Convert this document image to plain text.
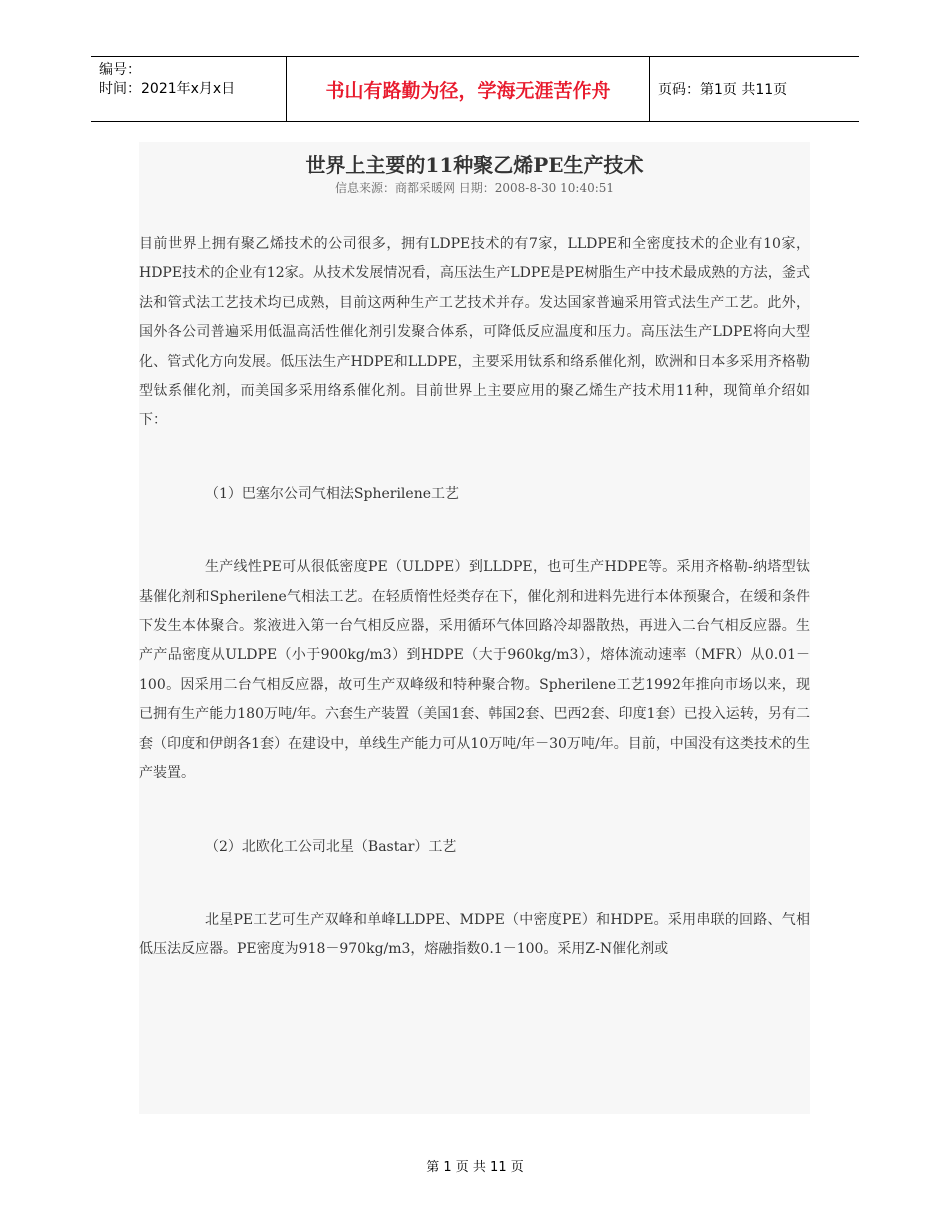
编号：
时间：2021年x月x日	书山有路勤为径，学海无涯苦作舟	页码：第1页 共11页
世界上主要的11种聚乙烯PE生产技术
信息来源：商都采暖网 日期：2008-8-30 10:40:51

目前世界上拥有聚乙烯技术的公司很多，拥有LDPE技术的有7家，LLDPE和全密度技术的企业有10家，HDPE技术的企业有12家。从技术发展情况看，高压法生产LDPE是PE树脂生产中技术最成熟的方法，釜式法和管式法工艺技术均已成熟，目前这两种生产工艺技术并存。发达国家普遍采用管式法生产工艺。此外，国外各公司普遍采用低温高活性催化剂引发聚合体系，可降低反应温度和压力。高压法生产LDPE将向大型化、管式化方向发展。低压法生产HDPE和LLDPE，主要采用钛系和络系催化剂，欧洲和日本多采用齐格勒型钛系催化剂，而美国多采用络系催化剂。目前世界上主要应用的聚乙烯生产技术用11种，现简单介绍如下：

（1）巴塞尔公司气相法Spherilene工艺

生产线性PE可从很低密度PE（ULDPE）到LLDPE，也可生产HDPE等。采用齐格勒-纳塔型钛基催化剂和Spherilene气相法工艺。在轻质惰性烃类存在下，催化剂和进料先进行本体预聚合，在缓和条件下发生本体聚合。浆液进入第一台气相反应器，采用循环气体回路冷却器散热，再进入二台气相反应器。生产产品密度从ULDPE（小于900kg/m3）到HDPE（大于960kg/m3），熔体流动速率（MFR）从0.01－100。因采用二台气相反应器，故可生产双峰级和特种聚合物。Spherilene工艺1992年推向市场以来，现已拥有生产能力180万吨/年。六套生产装置（美国1套、韩国2套、巴西2套、印度1套）已投入运转，另有二套（印度和伊朗各1套）在建设中，单线生产能力可从10万吨/年－30万吨/年。目前，中国没有这类技术的生产装置。

（2）北欧化工公司北星（Bastar）工艺

北星PE工艺可生产双峰和单峰LLDPE、MDPE（中密度PE）和HDPE。采用串联的回路、气相低压法反应器。PE密度为918－970kg/m3，熔融指数0.1－100。采用Z-N催化剂或

第 1 页 共 11 页
